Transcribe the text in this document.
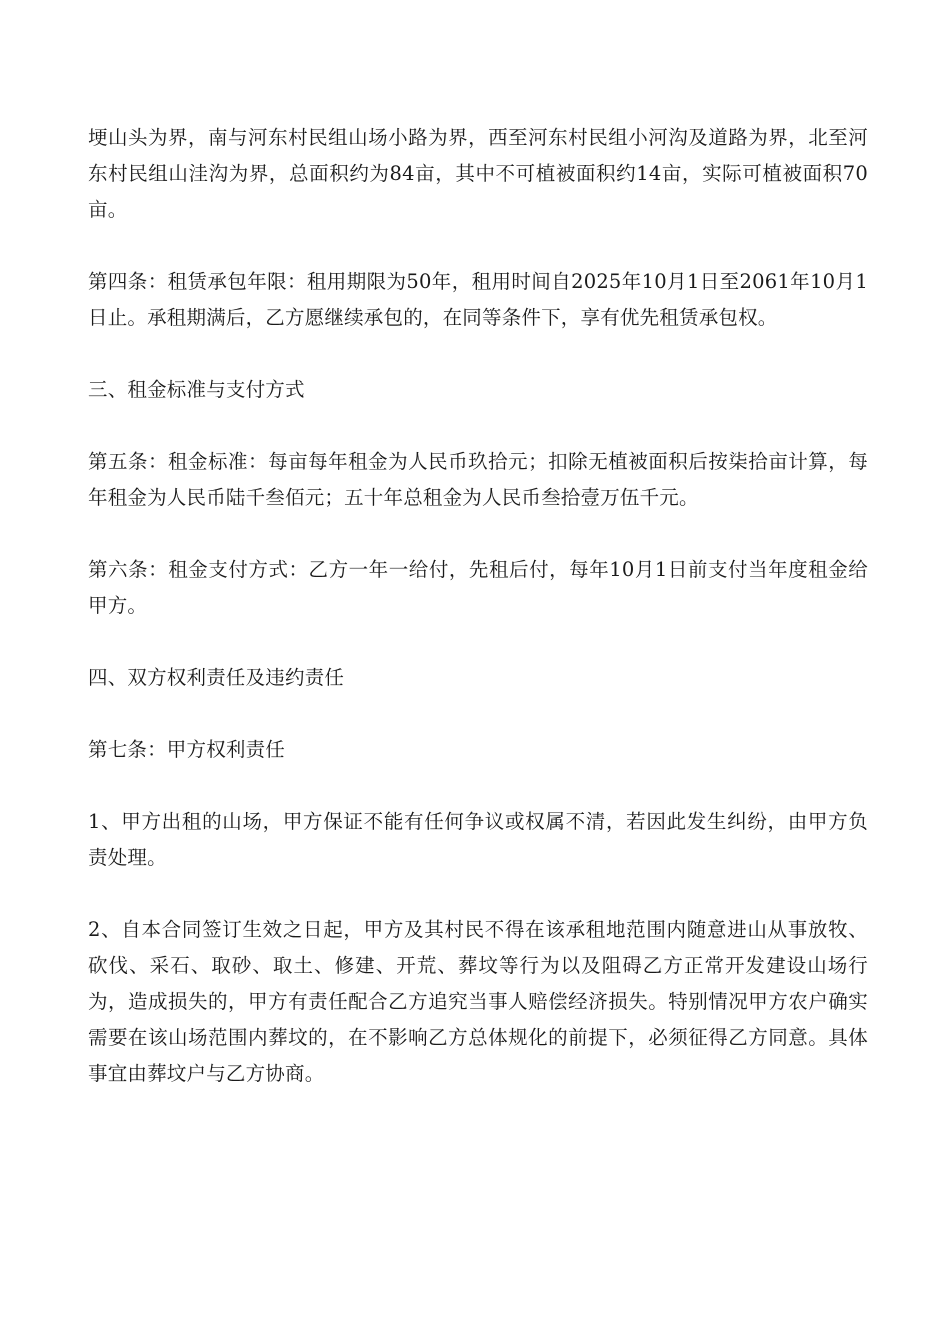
埂山头为界，南与河东村民组山场小路为界，西至河东村民组小河沟及道路为界，北至河东村民组山洼沟为界，总面积约为84亩，其中不可植被面积约14亩，实际可植被面积70亩。

第四条：租赁承包年限：租用期限为50年，租用时间自2025年10月1日至2061年10月1日止。承租期满后，乙方愿继续承包的，在同等条件下，享有优先租赁承包权。

三、租金标准与支付方式

第五条：租金标准：每亩每年租金为人民币玖拾元；扣除无植被面积后按柒拾亩计算，每年租金为人民币陆千叁佰元；五十年总租金为人民币叁拾壹万伍千元。

第六条：租金支付方式：乙方一年一给付，先租后付，每年10月1日前支付当年度租金给甲方。

四、双方权利责任及违约责任

第七条：甲方权利责任

1、甲方出租的山场，甲方保证不能有任何争议或权属不清，若因此发生纠纷，由甲方负责处理。

2、自本合同签订生效之日起，甲方及其村民不得在该承租地范围内随意进山从事放牧、砍伐、采石、取砂、取土、修建、开荒、葬坟等行为以及阻碍乙方正常开发建设山场行为，造成损失的，甲方有责任配合乙方追究当事人赔偿经济损失。特别情况甲方农户确实需要在该山场范围内葬坟的，在不影响乙方总体规化的前提下，必须征得乙方同意。具体事宜由葬坟户与乙方协商。
